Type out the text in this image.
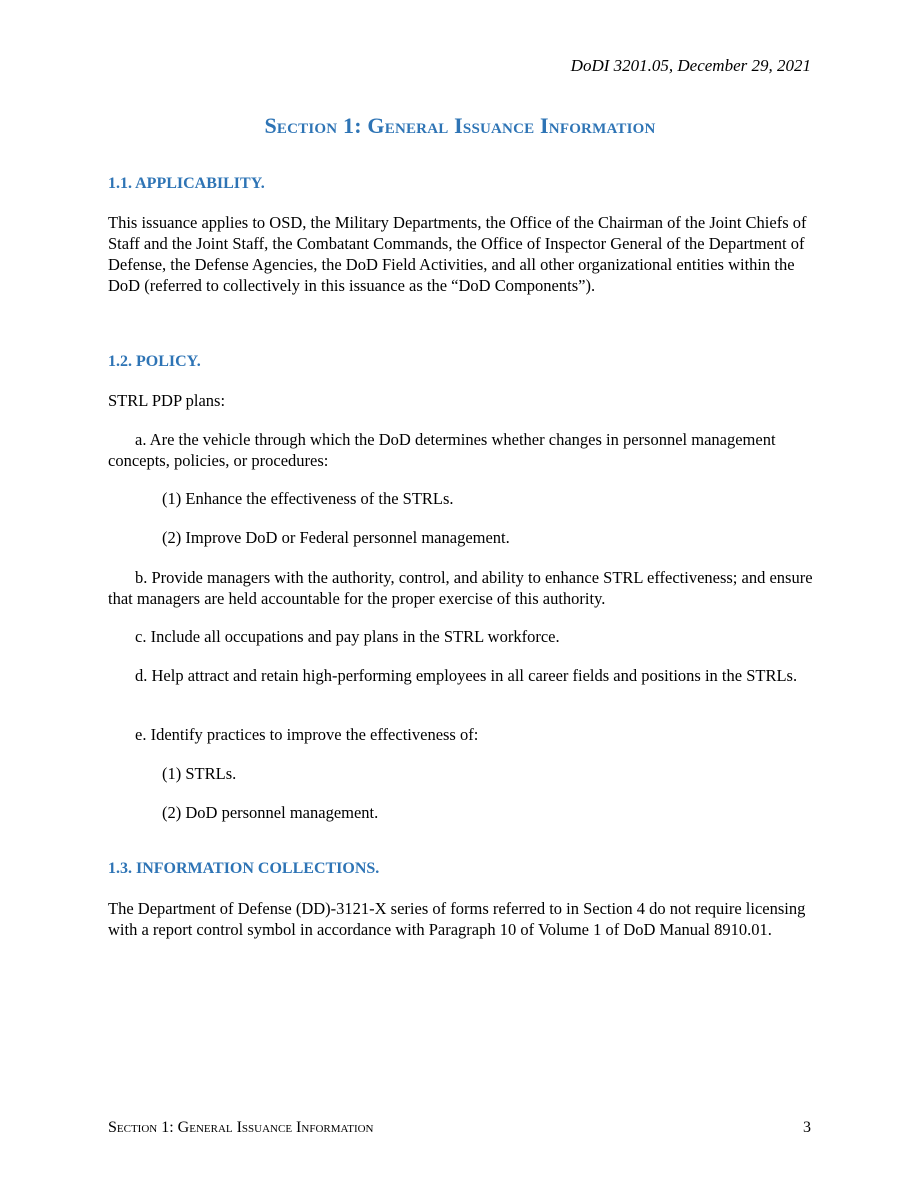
DoDI 3201.05, December 29, 2021
Section 1: General Issuance Information
1.1. APPLICABILITY.

This issuance applies to OSD, the Military Departments, the Office of the Chairman of the Joint Chiefs of Staff and the Joint Staff, the Combatant Commands, the Office of Inspector General of the Department of Defense, the Defense Agencies, the DoD Field Activities, and all other organizational entities within the DoD (referred to collectively in this issuance as the “DoD Components”).

1.2. POLICY.

STRL PDP plans:

a. Are the vehicle through which the DoD determines whether changes in personnel management concepts, policies, or procedures:

(1) Enhance the effectiveness of the STRLs.

(2) Improve DoD or Federal personnel management.

b. Provide managers with the authority, control, and ability to enhance STRL effectiveness; and ensure that managers are held accountable for the proper exercise of this authority.

c. Include all occupations and pay plans in the STRL workforce.

d. Help attract and retain high-performing employees in all career fields and positions in the STRLs.

e. Identify practices to improve the effectiveness of:

(1) STRLs.

(2) DoD personnel management.

1.3. INFORMATION COLLECTIONS.

The Department of Defense (DD)-3121-X series of forms referred to in Section 4 do not require licensing with a report control symbol in accordance with Paragraph 10 of Volume 1 of DoD Manual 8910.01.

Section 1: General Issuance Information	3
